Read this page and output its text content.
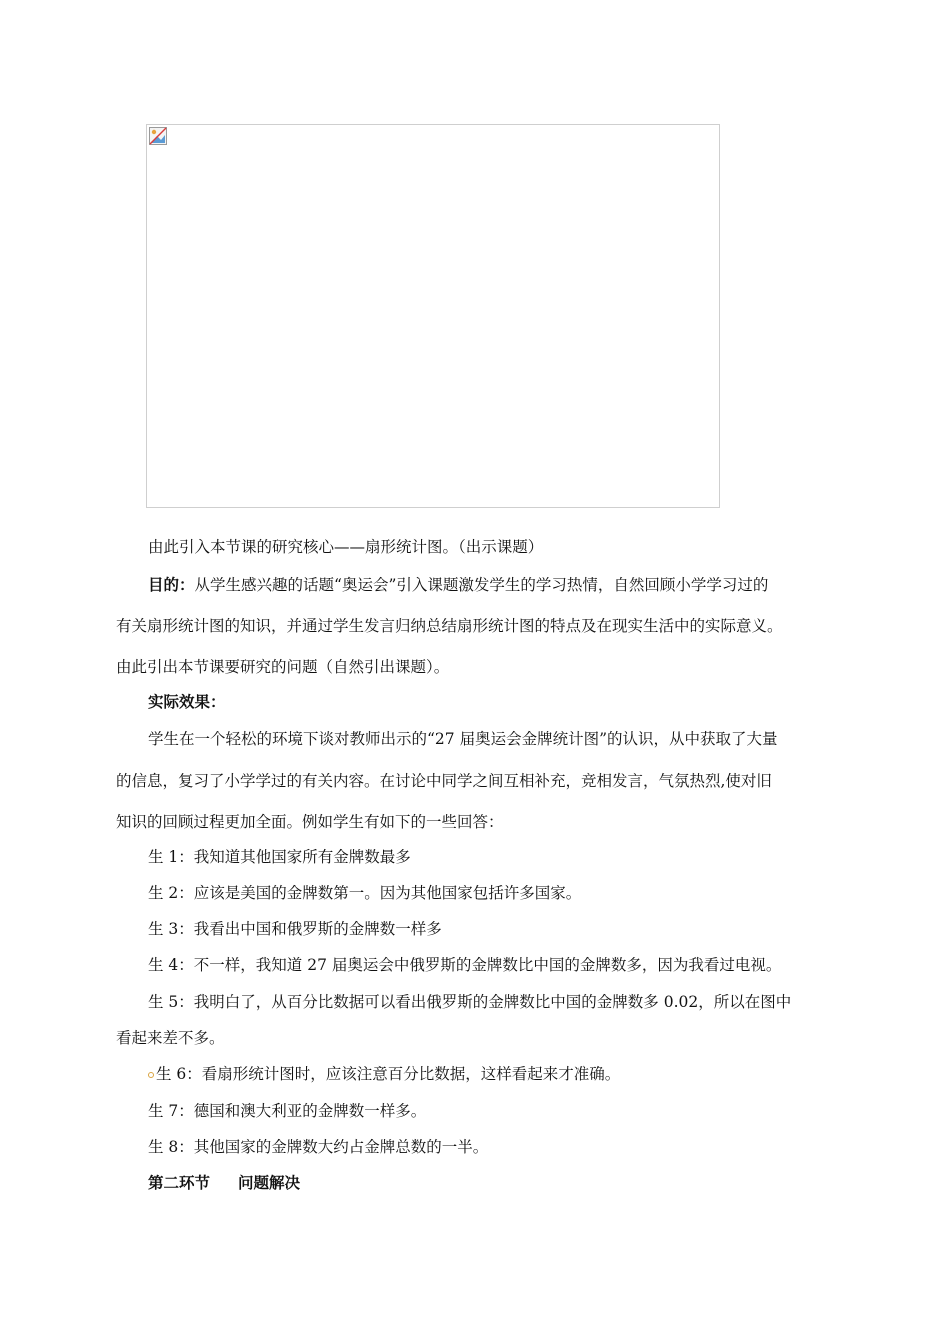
由此引入本节课的研究核心——扇形统计图。（出示课题）
目的：从学生感兴趣的话题“奥运会”引入课题激发学生的学习热情，自然回顾小学学习过的
有关扇形统计图的知识，并通过学生发言归纳总结扇形统计图的特点及在现实生活中的实际意义。
由此引出本节课要研究的问题（自然引出课题）。
实际效果：
学生在一个轻松的环境下谈对教师出示的“27 届奥运会金牌统计图”的认识，从中获取了大量
的信息，复习了小学学过的有关内容。在讨论中同学之间互相补充，竞相发言，气氛热烈,使对旧
知识的回顾过程更加全面。例如学生有如下的一些回答：
生 1：我知道其他国家所有金牌数最多
生 2：应该是美国的金牌数第一。因为其他国家包括许多国家。
生 3：我看出中国和俄罗斯的金牌数一样多
生 4：不一样，我知道 27 届奥运会中俄罗斯的金牌数比中国的金牌数多，因为我看过电视。
生 5：我明白了，从百分比数据可以看出俄罗斯的金牌数比中国的金牌数多 0.02，所以在图中
看起来差不多。
生 6：看扇形统计图时，应该注意百分比数据，这样看起来才准确。
生 7：德国和澳大利亚的金牌数一样多。
生 8：其他国家的金牌数大约占金牌总数的一半。
第二环节 问题解决
